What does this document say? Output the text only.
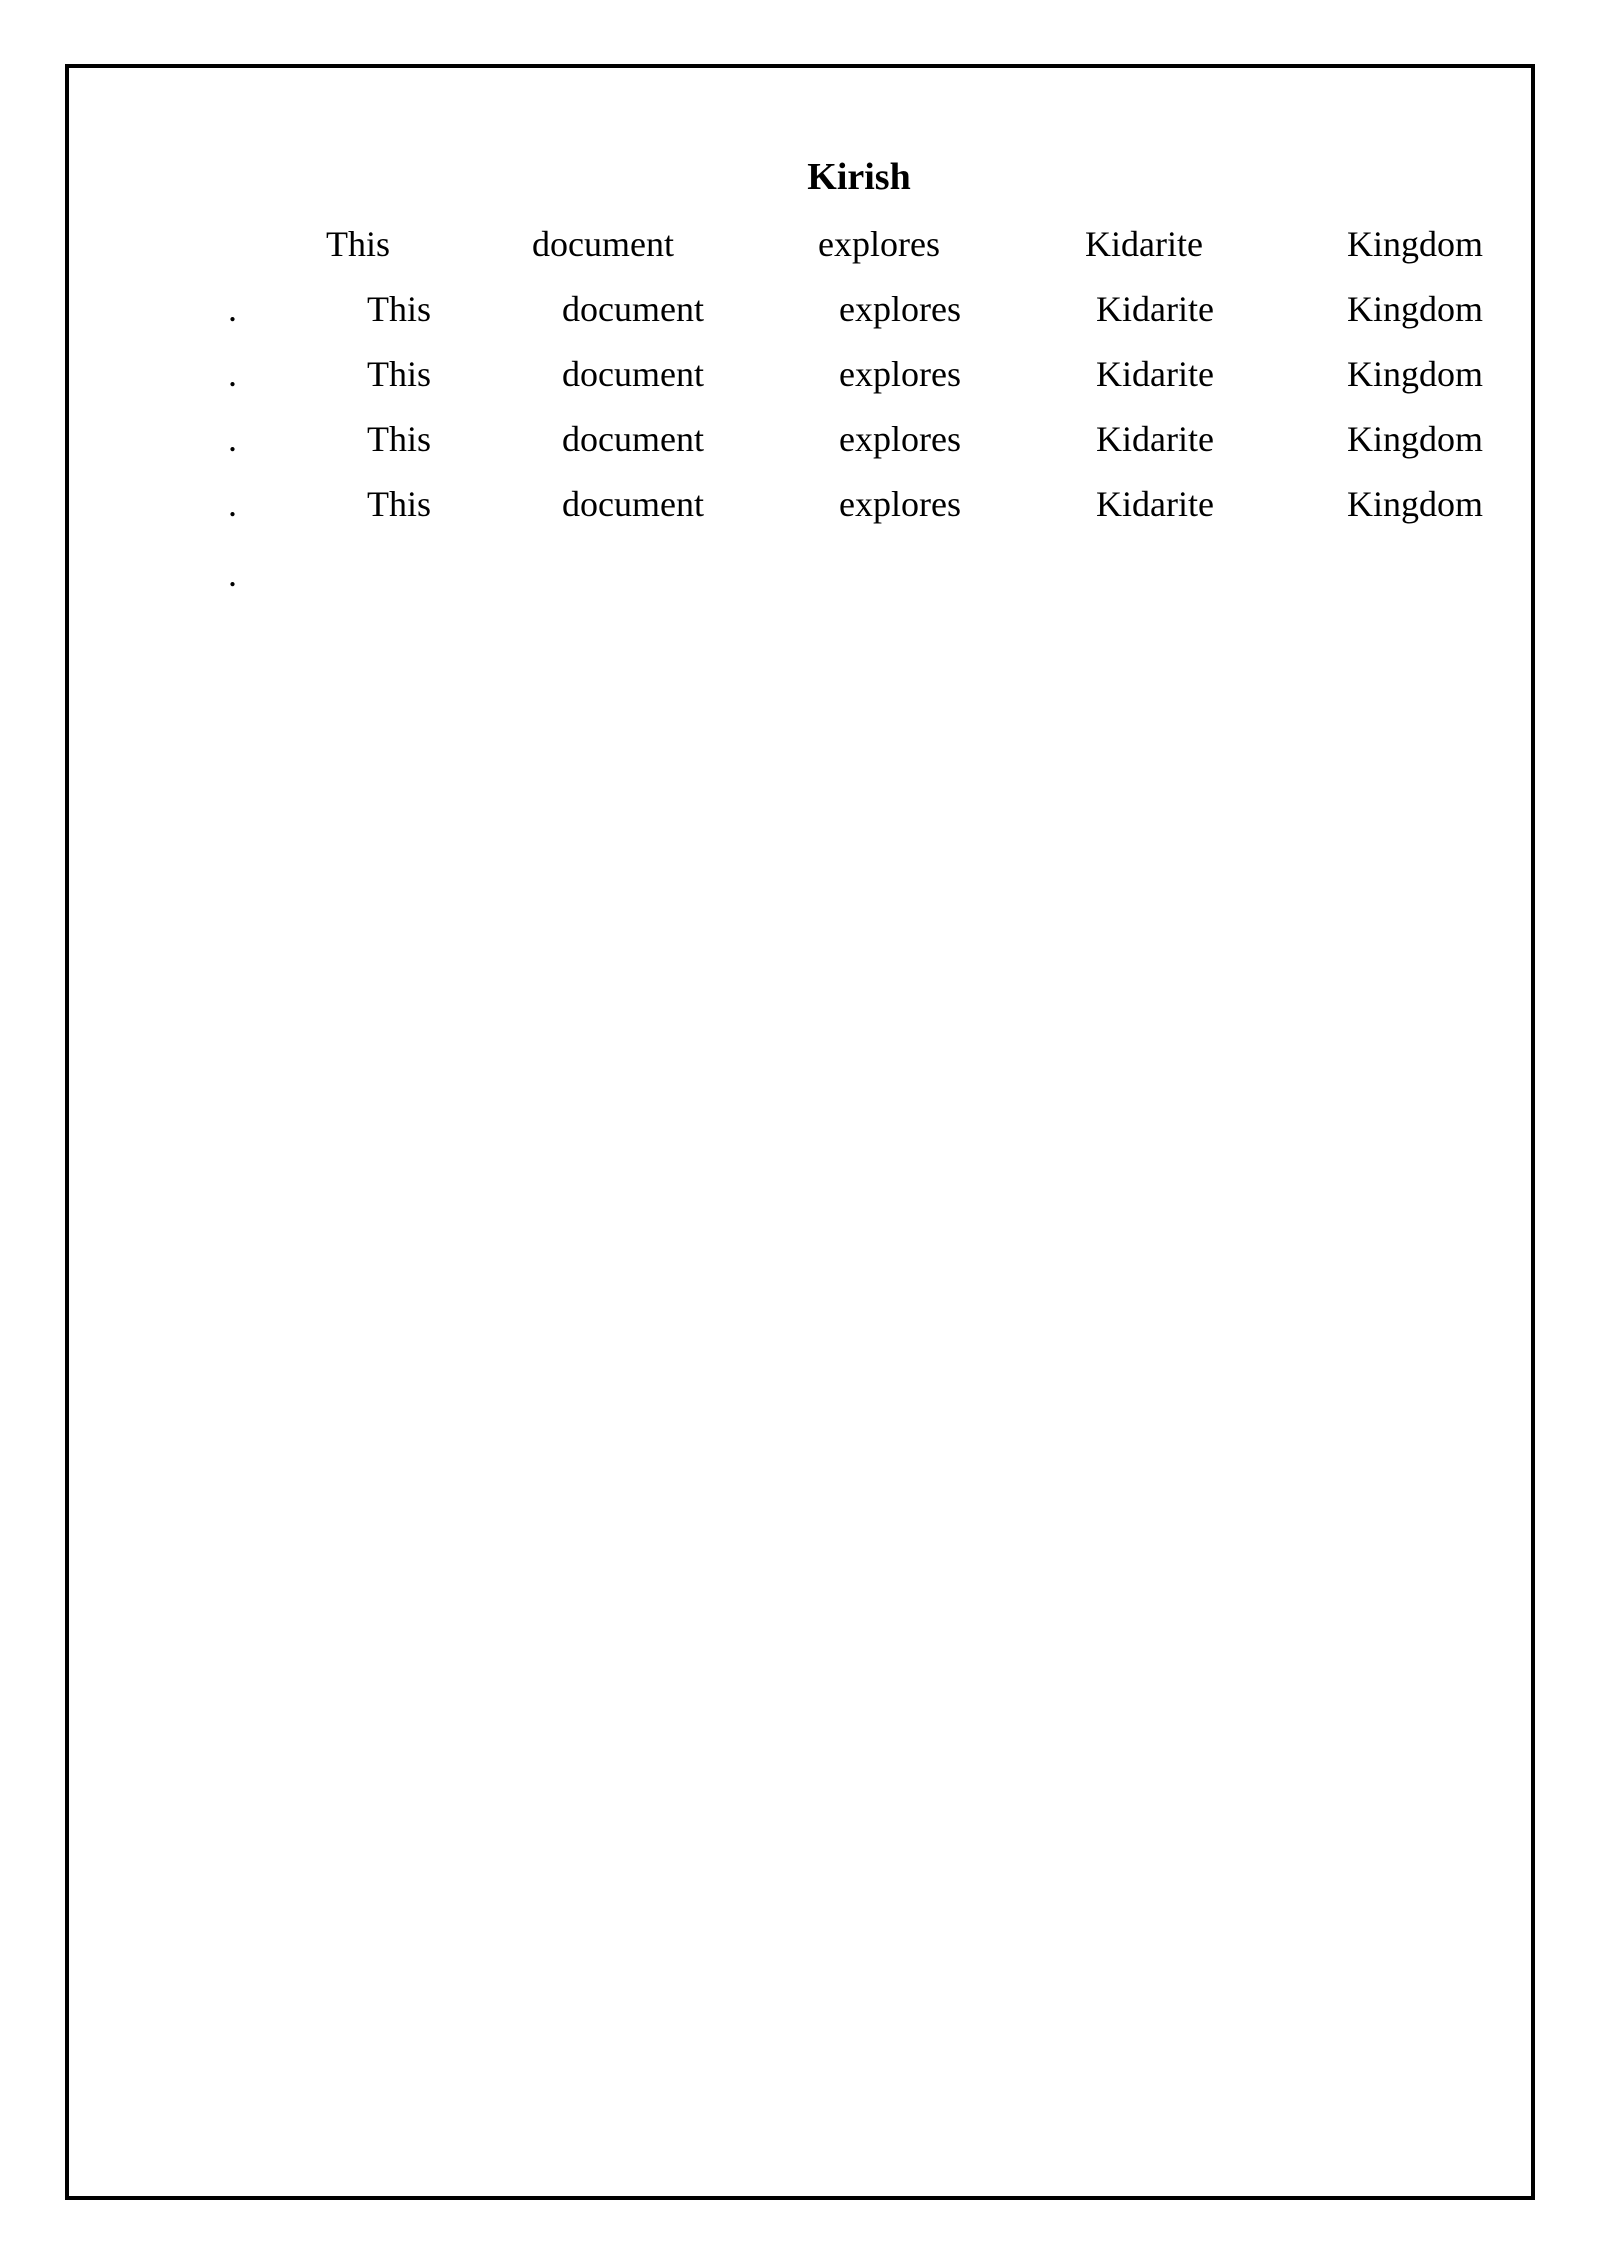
Kirish
This	document	explores	Kidarite	Kingdom
.	This	document	explores	Kidarite	Kingdom
.	This	document	explores	Kidarite	Kingdom
.	This	document	explores	Kidarite	Kingdom
.	This	document	explores	Kidarite	Kingdom
.
